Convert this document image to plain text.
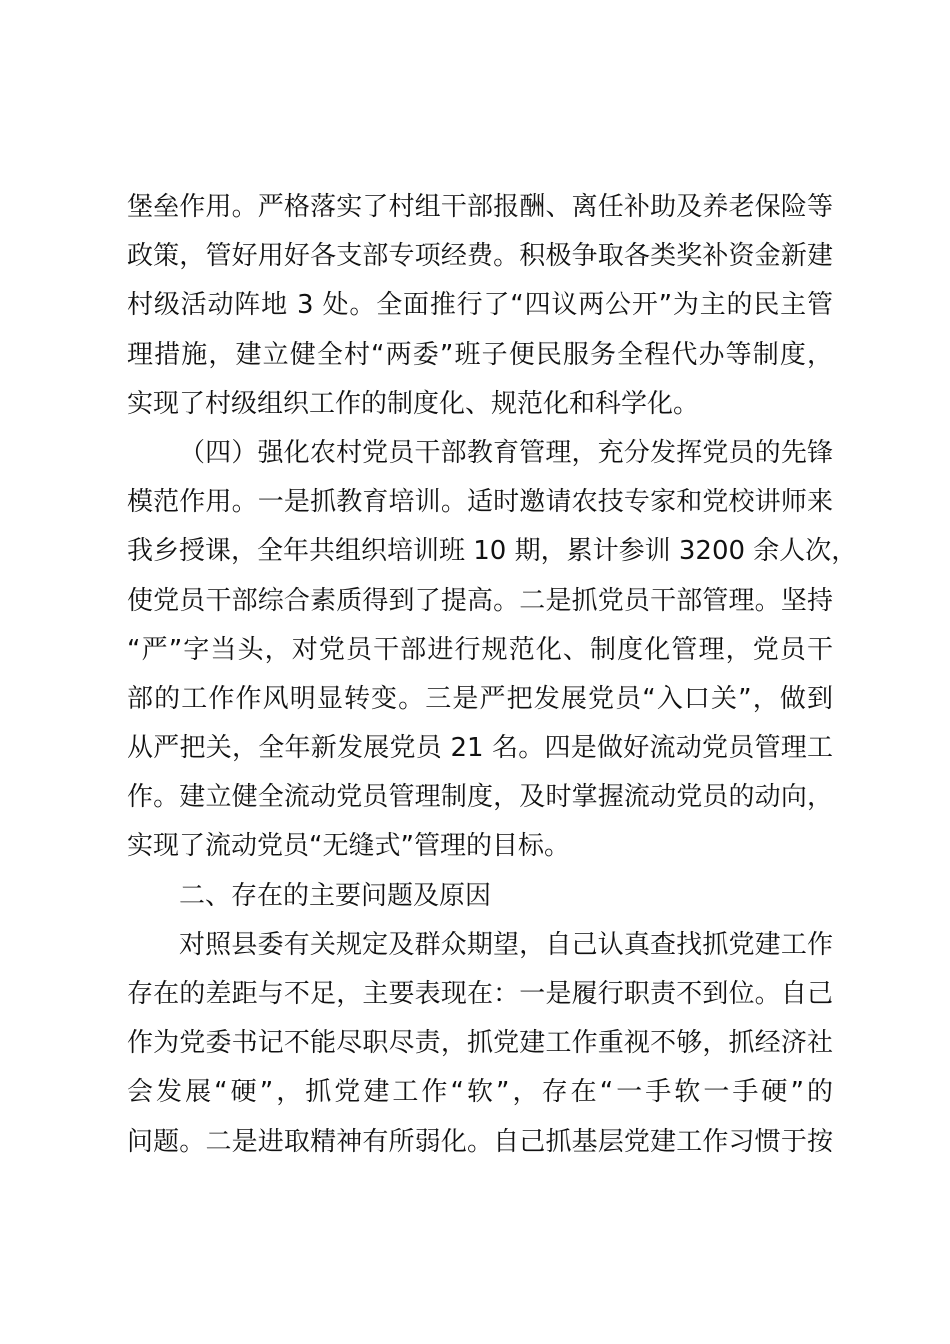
堡垒作用。严格落实了村组干部报酬、离任补助及养老保险等
政策，管好用好各支部专项经费。积极争取各类奖补资金新建
村级活动阵地 3 处。全面推行了“四议两公开”为主的民主管
理措施，建立健全村“两委”班子便民服务全程代办等制度，
实现了村级组织工作的制度化、规范化和科学化。
（四）强化农村党员干部教育管理，充分发挥党员的先锋
模范作用。一是抓教育培训。适时邀请农技专家和党校讲师来
我乡授课，全年共组织培训班 10 期，累计参训 3200 余人次，
使党员干部综合素质得到了提高。二是抓党员干部管理。坚持
“严”字当头，对党员干部进行规范化、制度化管理，党员干
部的工作作风明显转变。三是严把发展党员“入口关”，做到
从严把关，全年新发展党员 21 名。四是做好流动党员管理工
作。建立健全流动党员管理制度，及时掌握流动党员的动向，
实现了流动党员“无缝式”管理的目标。
二、存在的主要问题及原因
对照县委有关规定及群众期望，自己认真查找抓党建工作
存在的差距与不足，主要表现在：一是履行职责不到位。自己
作为党委书记不能尽职尽责，抓党建工作重视不够，抓经济社
会发展“硬”，抓党建工作“软”，存在“一手软一手硬”的
问题。二是进取精神有所弱化。自己抓基层党建工作习惯于按
